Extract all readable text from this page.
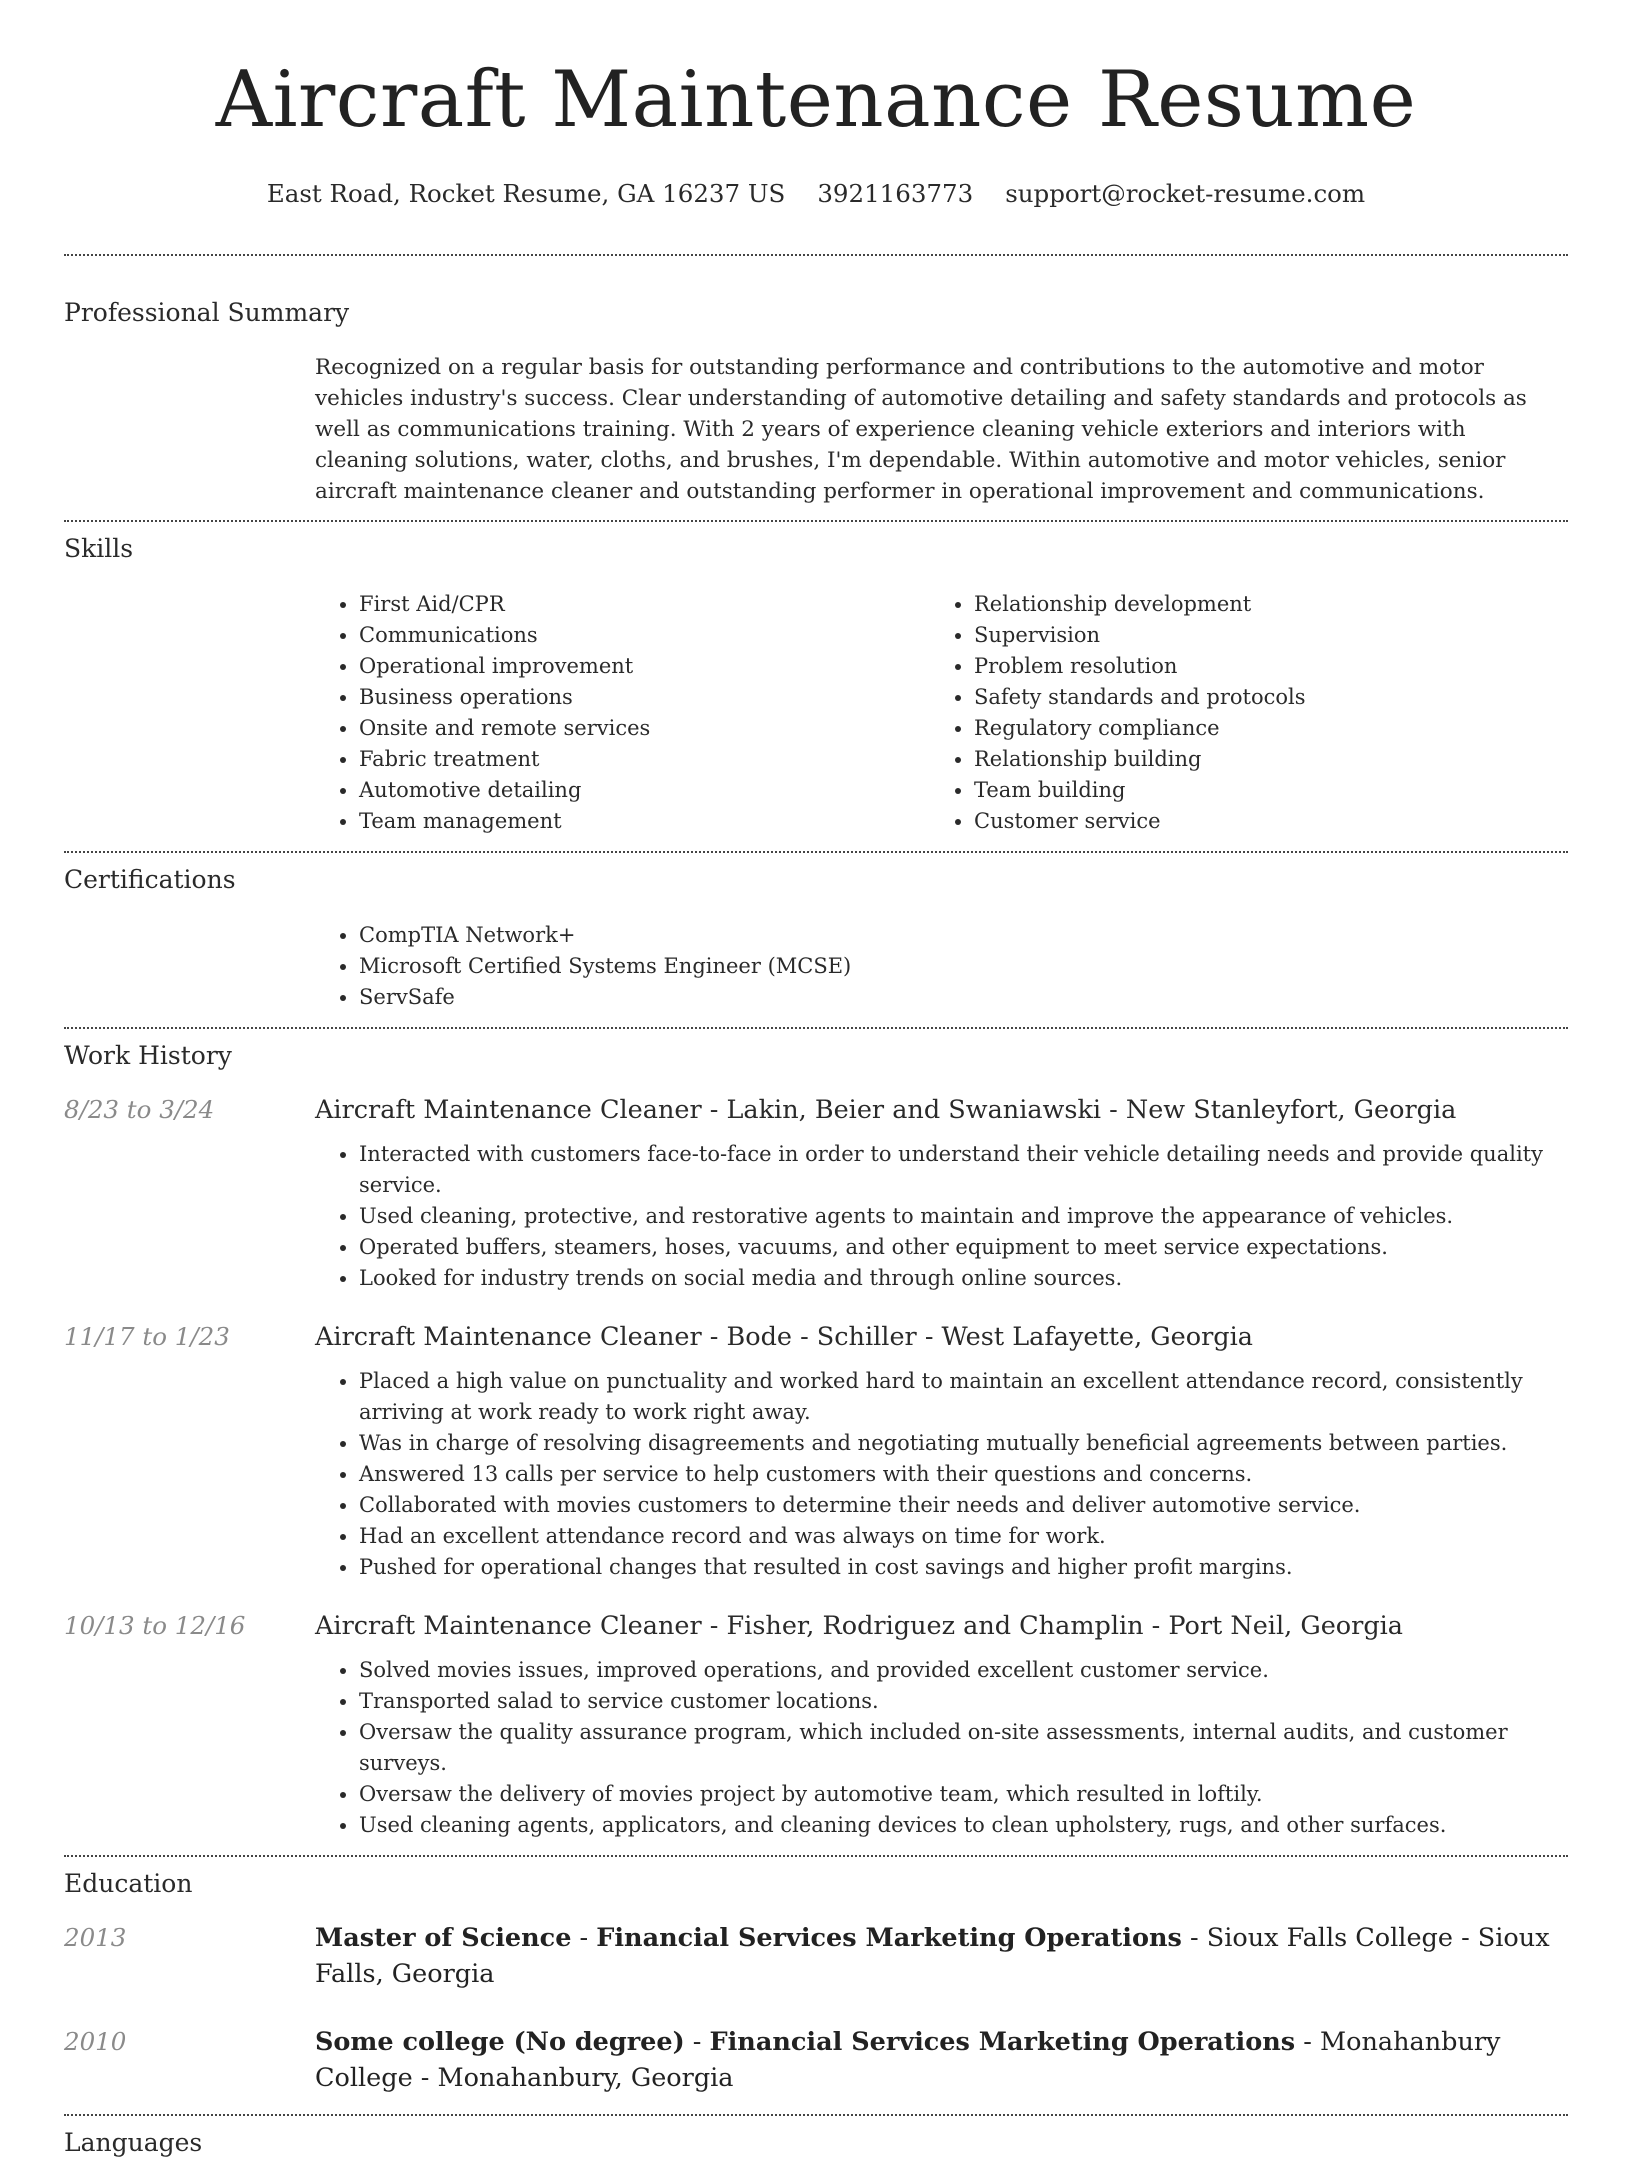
Aircraft Maintenance Resume
East Road, Rocket Resume, GA 16237 US 3921163773 support@rocket-resume.com
Professional Summary

Recognized on a regular basis for outstanding performance and contributions to the automotive and motor vehicles industry's success. Clear understanding of automotive detailing and safety standards and protocols as well as communications training. With 2 years of experience cleaning vehicle exteriors and interiors with cleaning solutions, water, cloths, and brushes, I'm dependable. Within automotive and motor vehicles, senior aircraft maintenance cleaner and outstanding performer in operational improvement and communications.

Skills
• First Aid/CPR
• Communications
• Operational improvement
• Business operations
• Onsite and remote services
• Fabric treatment
• Automotive detailing
• Team management
• Relationship development
• Supervision
• Problem resolution
• Safety standards and protocols
• Regulatory compliance
• Relationship building
• Team building
• Customer service
Certifications
• CompTIA Network+
• Microsoft Certified Systems Engineer (MCSE)
• ServSafe
Work History
8/23 to 3/24	Aircraft Maintenance Cleaner - Lakin, Beier and Swaniawski - New Stanleyfort, Georgia
• Interacted with customers face-to-face in order to understand their vehicle detailing needs and provide quality service.
• Used cleaning, protective, and restorative agents to maintain and improve the appearance of vehicles.
• Operated buffers, steamers, hoses, vacuums, and other equipment to meet service expectations.
• Looked for industry trends on social media and through online sources.
11/17 to 1/23	Aircraft Maintenance Cleaner - Bode - Schiller - West Lafayette, Georgia
• Placed a high value on punctuality and worked hard to maintain an excellent attendance record, consistently arriving at work ready to work right away.
• Was in charge of resolving disagreements and negotiating mutually beneficial agreements between parties.
• Answered 13 calls per service to help customers with their questions and concerns.
• Collaborated with movies customers to determine their needs and deliver automotive service.
• Had an excellent attendance record and was always on time for work.
• Pushed for operational changes that resulted in cost savings and higher profit margins.
10/13 to 12/16	Aircraft Maintenance Cleaner - Fisher, Rodriguez and Champlin - Port Neil, Georgia
• Solved movies issues, improved operations, and provided excellent customer service.
• Transported salad to service customer locations.
• Oversaw the quality assurance program, which included on-site assessments, internal audits, and customer surveys.
• Oversaw the delivery of movies project by automotive team, which resulted in loftily.
• Used cleaning agents, applicators, and cleaning devices to clean upholstery, rugs, and other surfaces.
Education
2013	Master of Science - Financial Services Marketing Operations - Sioux Falls College - Sioux Falls, Georgia
2010	Some college (No degree) - Financial Services Marketing Operations - Monahanbury College - Monahanbury, Georgia
Languages
